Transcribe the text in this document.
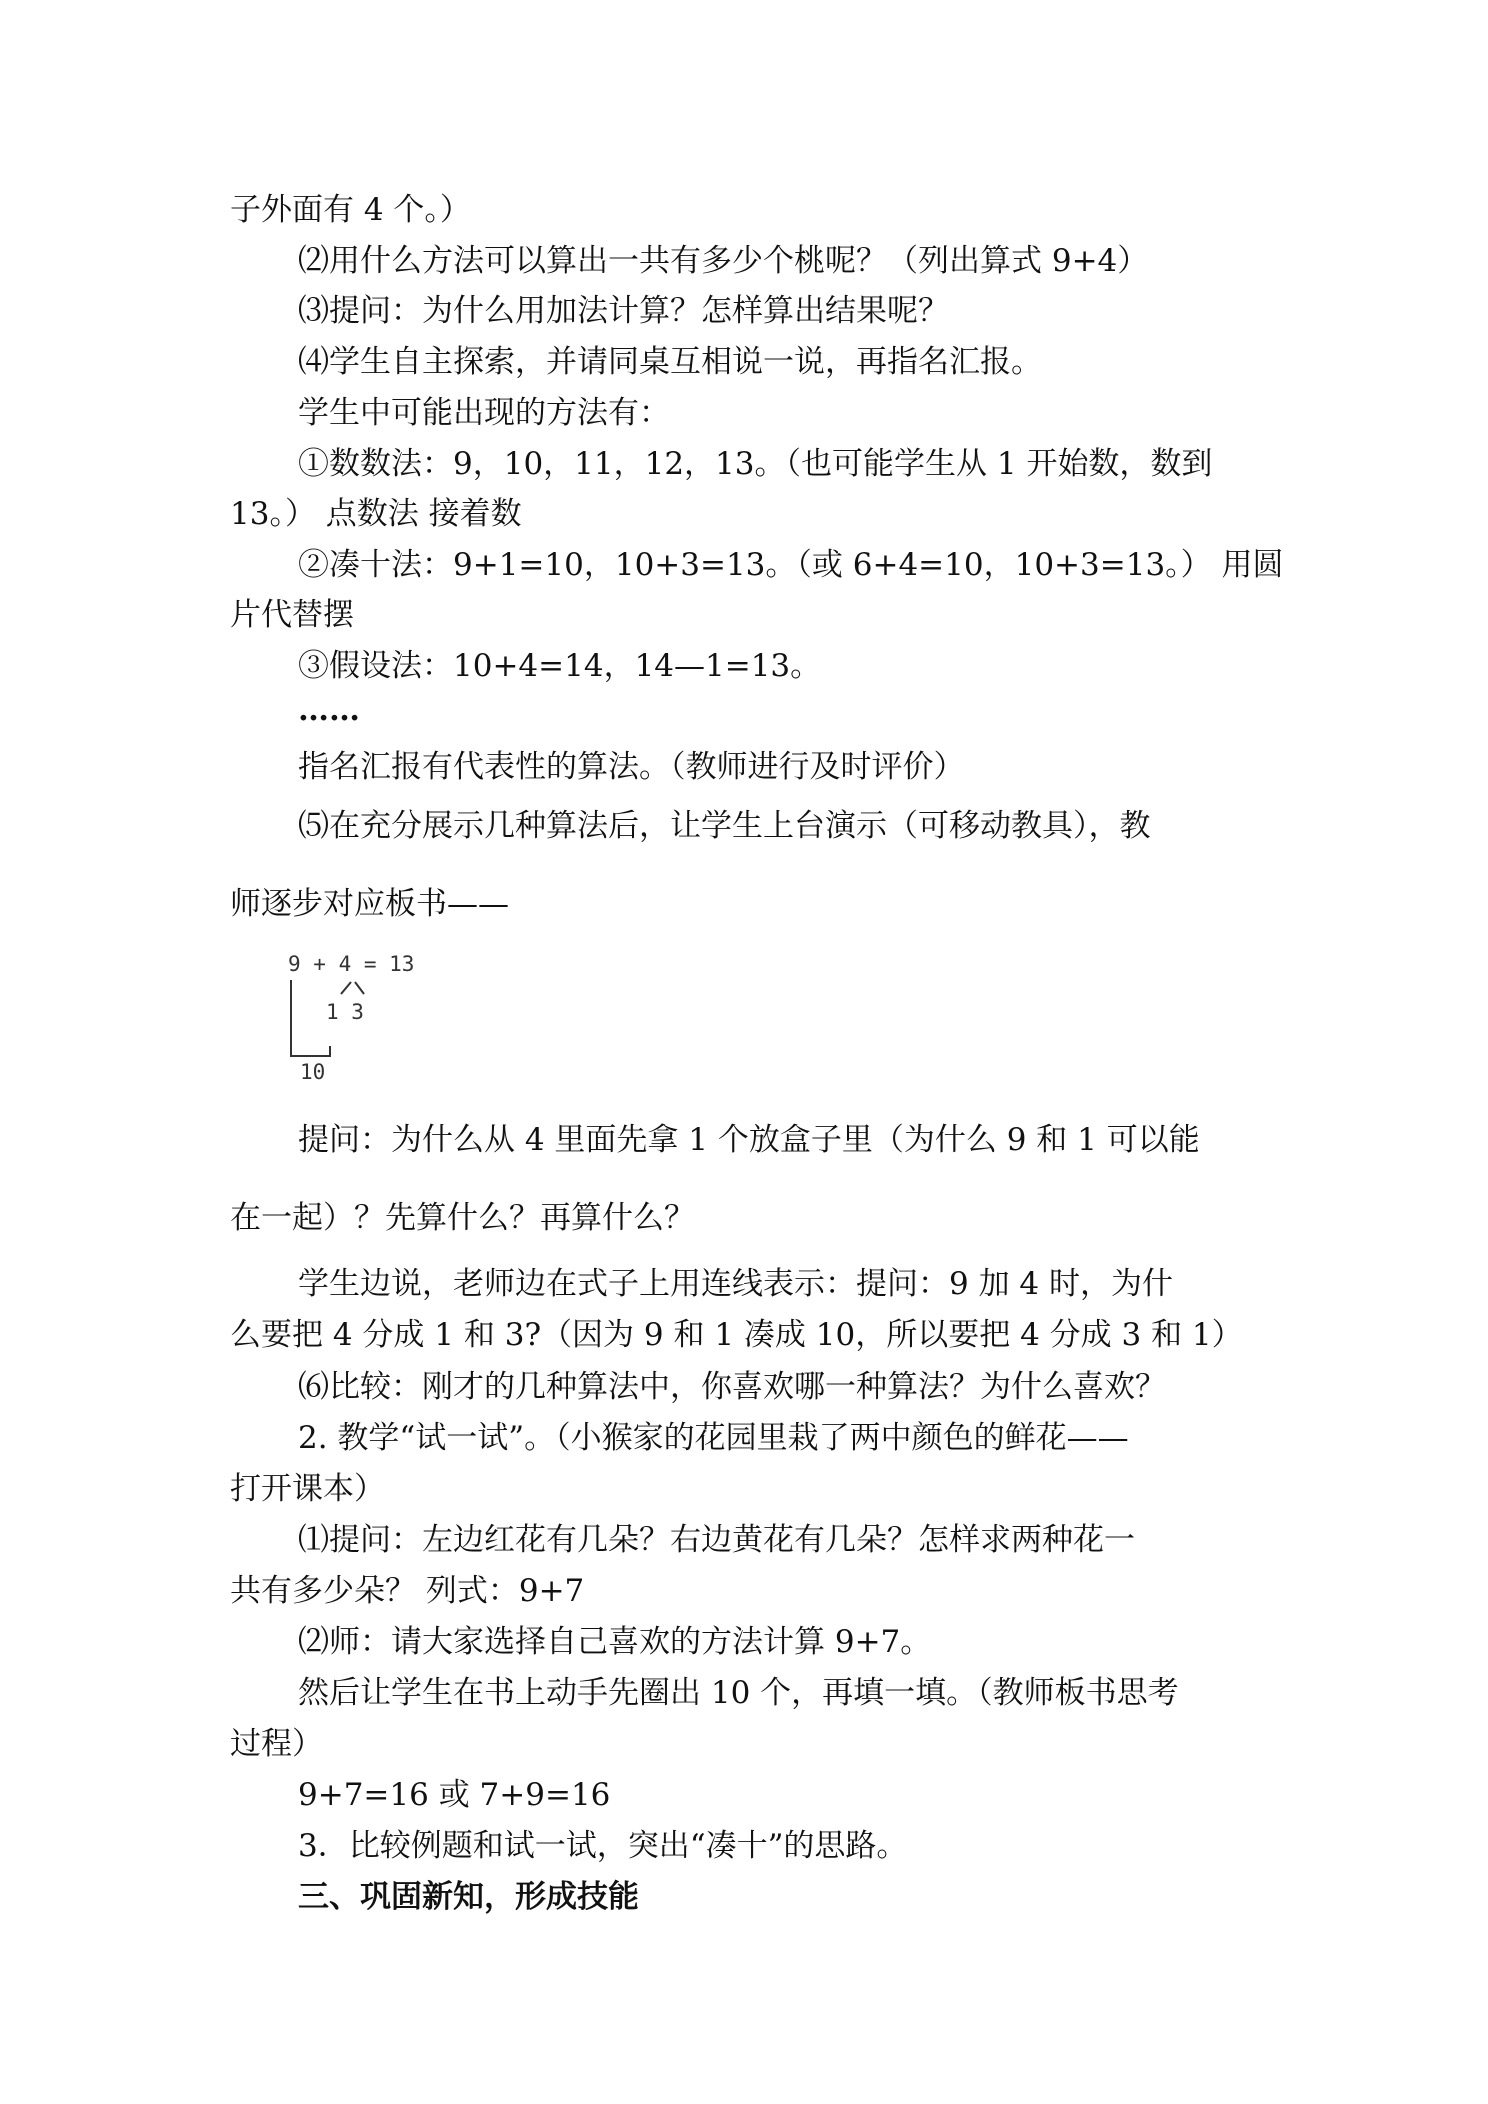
子外面有 4 个。）
⑵用什么方法可以算出一共有多少个桃呢？（列出算式 9+4）
⑶提问：为什么用加法计算？怎样算出结果呢？
⑷学生自主探索，并请同桌互相说一说，再指名汇报。
学生中可能出现的方法有：
①数数法：9，10，11，12，13。（也可能学生从 1 开始数，数到
13。） 点数法 接着数
②凑十法：9+1=10，10+3=13。（或 6+4=10，10+3=13。） 用圆
片代替摆
③假设法：10+4=14，14—1=13。
……
指名汇报有代表性的算法。（教师进行及时评价）
⑸在充分展示几种算法后，让学生上台演示（可移动教具），教
师逐步对应板书——
9 + 4 = 13
1 3
10
提问：为什么从 4 里面先拿 1 个放盒子里（为什么 9 和 1 可以能
在一起）？先算什么？再算什么？
学生边说，老师边在式子上用连线表示：提问：9 加 4 时，为什
么要把 4 分成 1 和 3?（因为 9 和 1 凑成 10，所以要把 4 分成 3 和 1）
⑹比较：刚才的几种算法中，你喜欢哪一种算法？为什么喜欢？
2. 教学“试一试”。（小猴家的花园里栽了两中颜色的鲜花——
打开课本）
⑴提问：左边红花有几朵？右边黄花有几朵？怎样求两种花一
共有多少朵？ 列式：9+7
⑵师：请大家选择自己喜欢的方法计算 9+7。
然后让学生在书上动手先圈出 10 个，再填一填。（教师板书思考
过程）
9+7=16 或 7+9=16
3．比较例题和试一试，突出“凑十”的思路。
三、巩固新知，形成技能
